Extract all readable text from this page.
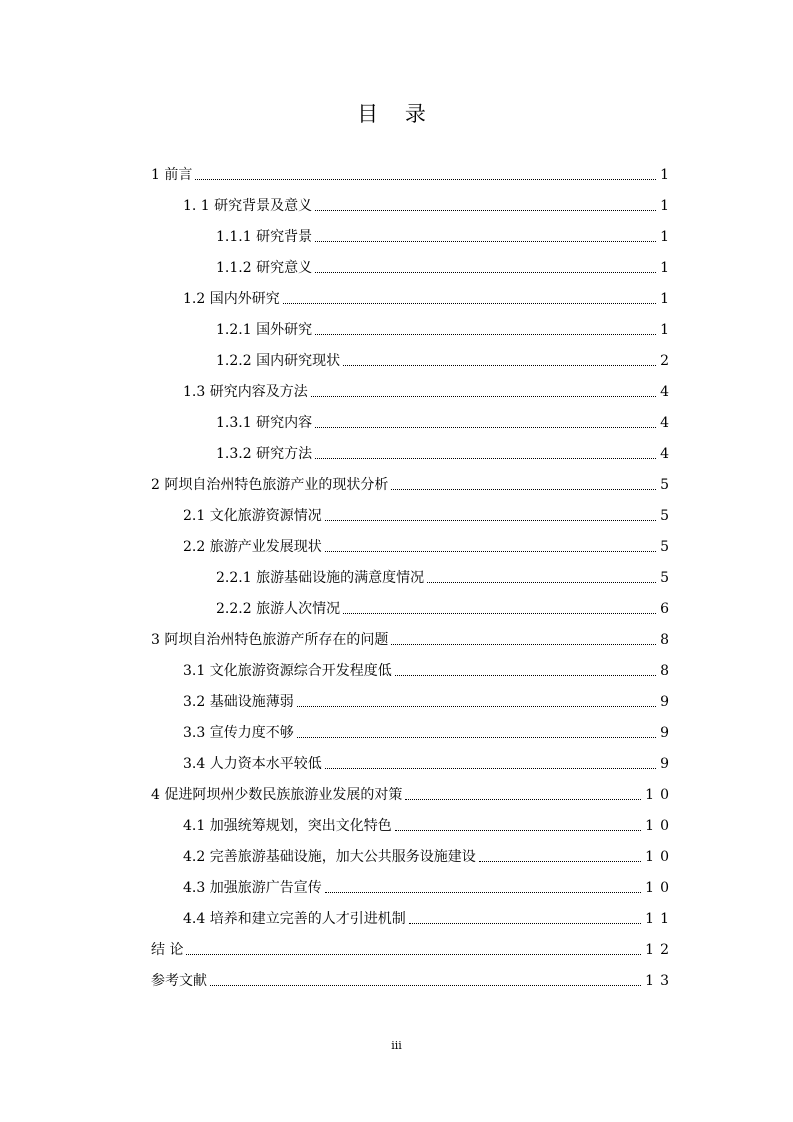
目 录
1 前言	1
1. 1 研究背景及意义	1
1.1.1 研究背景	1
1.1.2 研究意义	1
1.2 国内外研究	1
1.2.1 国外研究	1
1.2.2 国内研究现状	2
1.3 研究内容及方法	4
1.3.1 研究内容	4
1.3.2 研究方法	4
2 阿坝自治州特色旅游产业的现状分析	5
2.1 文化旅游资源情况	5
2.2 旅游产业发展现状	5
2.2.1 旅游基础设施的满意度情况	5
2.2.2 旅游人次情况	6
3 阿坝自治州特色旅游产所存在的问题	8
3.1 文化旅游资源综合开发程度低	8
3.2 基础设施薄弱	9
3.3 宣传力度不够	9
3.4 人力资本水平较低	9
4 促进阿坝州少数民族旅游业发展的对策	10
4.1 加强统筹规划，突出文化特色	10
4.2 完善旅游基础设施，加大公共服务设施建设	10
4.3 加强旅游广告宣传	10
4.4 培养和建立完善的人才引进机制	11
结 论	12
参考文献	13
iii
